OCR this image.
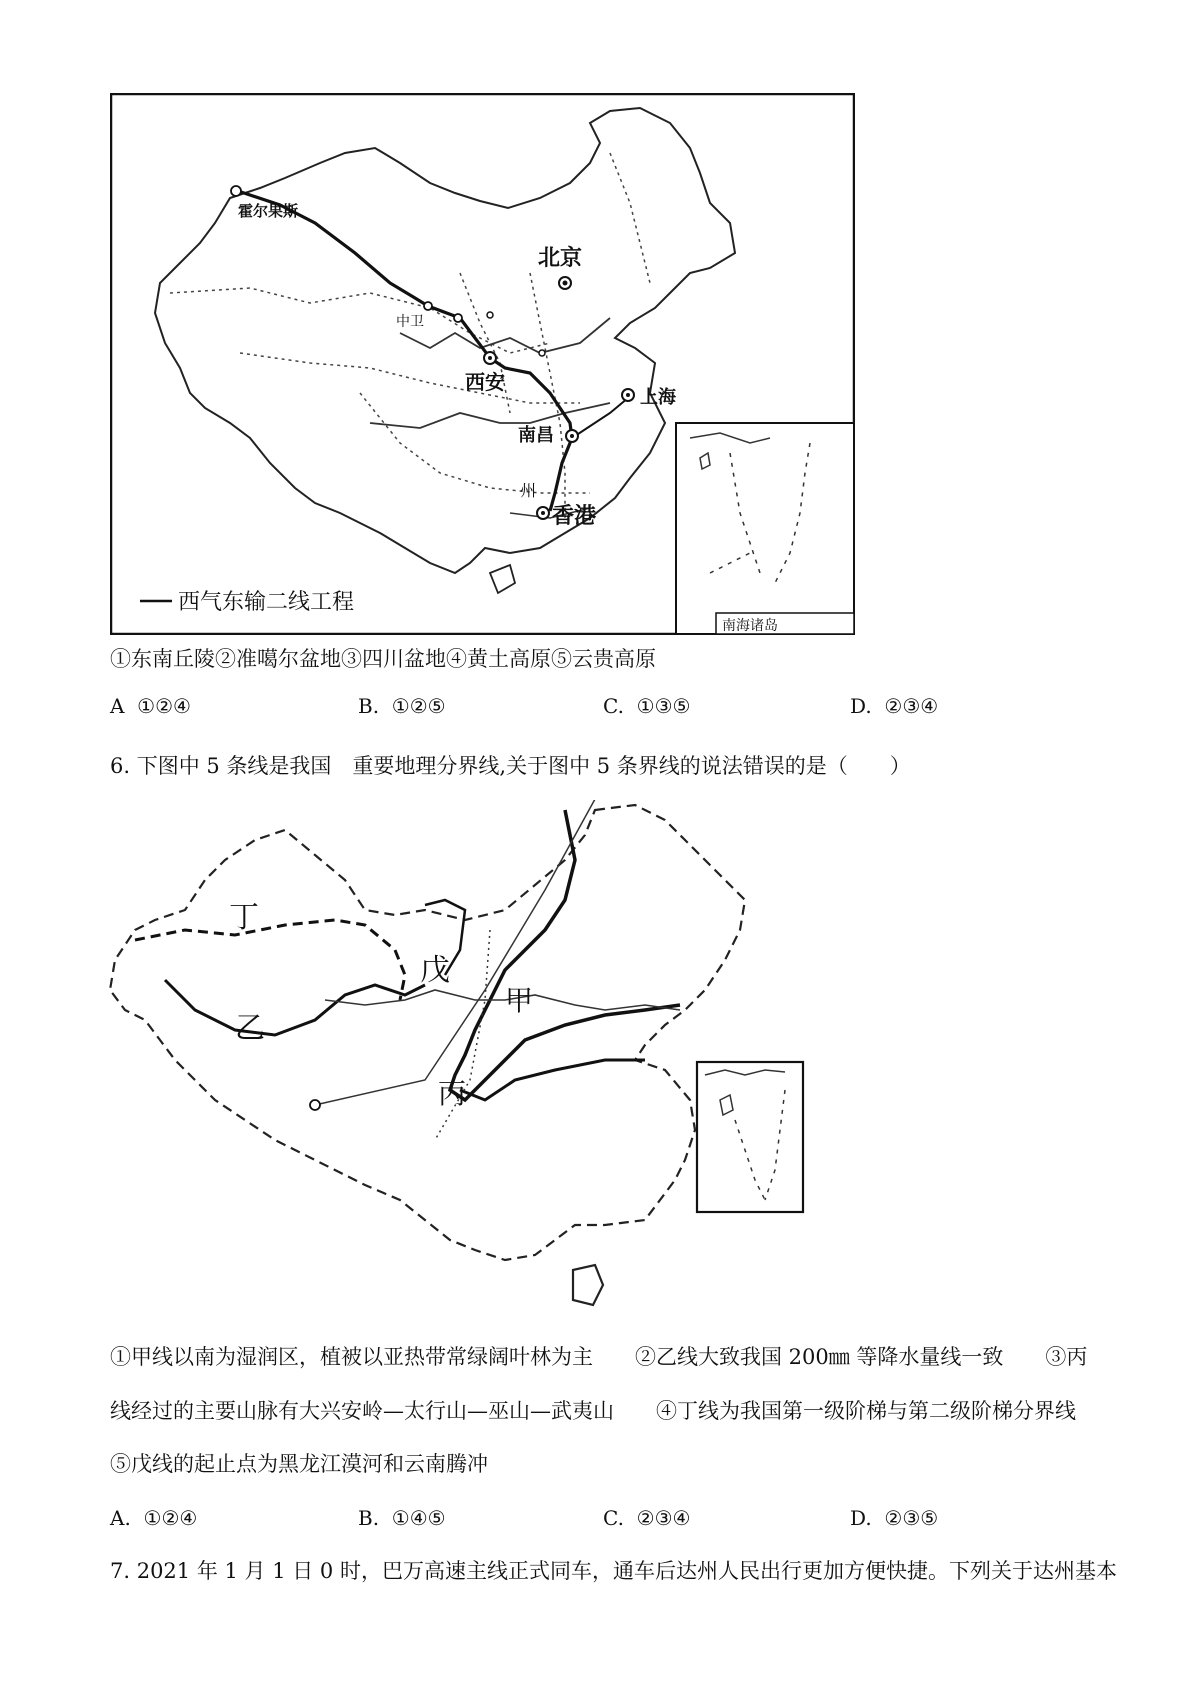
霍尔果斯
中卫
北京
西安
上海
南昌
州
香港
南海诸岛
西气东输二线工程
①东南丘陵②准噶尔盆地③四川盆地④黄土高原⑤云贵高原
A ①②④	B. ①②⑤	C. ①③⑤	D. ②③④
6. 下图中 5 条线是我国　重要地理分界线,关于图中 5 条界线的说法错误的是（　　）
丁
乙
戊
甲
丙
①甲线以南为湿润区，植被以亚热带常绿阔叶林为主　　②乙线大致我国 200㎜ 等降水量线一致　　③丙
线经过的主要山脉有大兴安岭—太行山—巫山—武夷山　　④丁线为我国第一级阶梯与第二级阶梯分界线
⑤戊线的起止点为黑龙江漠河和云南腾冲
A. ①②④	B. ①④⑤	C. ②③④	D. ②③⑤
7. 2021 年 1 月 1 日 0 时，巴万高速主线正式同车，通车后达州人民出行更加方便快捷。下列关于达州基本
